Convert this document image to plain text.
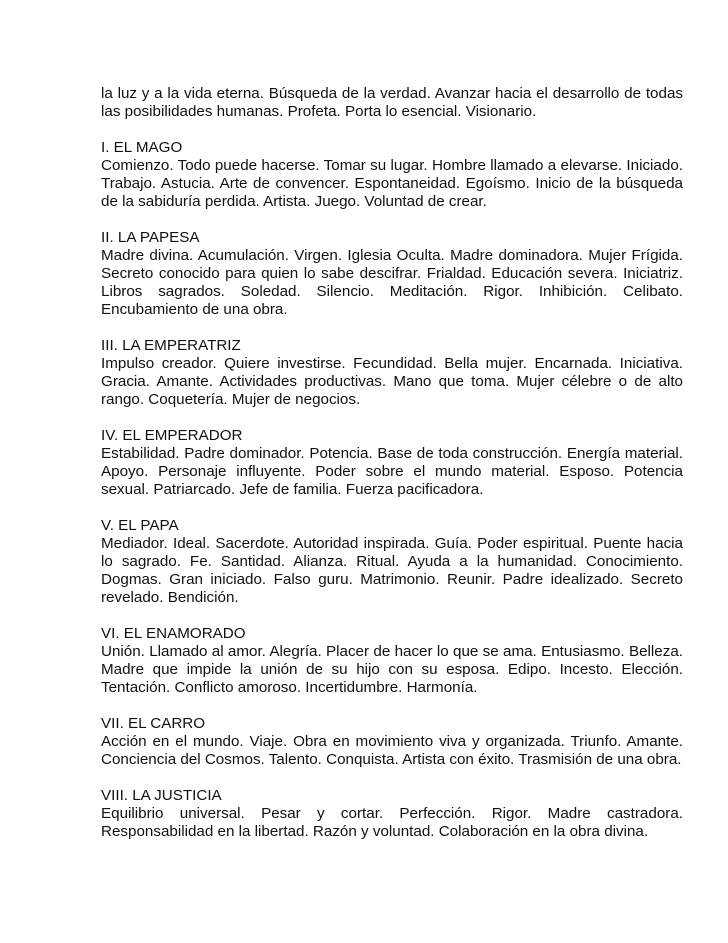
la luz y a la vida eterna. Búsqueda de la verdad. Avanzar hacia el desarrollo de todas las posibilidades humanas. Profeta. Porta lo esencial. Visionario.

I. EL MAGO

Comienzo. Todo puede hacerse. Tomar su lugar. Hombre llamado a elevarse. Iniciado. Trabajo. Astucia. Arte de convencer. Espontaneidad. Egoísmo. Inicio de la búsqueda de la sabiduría perdida. Artista. Juego. Voluntad de crear.

II. LA PAPESA

Madre divina. Acumulación. Virgen. Iglesia Oculta. Madre dominadora. Mujer Frígida. Secreto conocido para quien lo sabe descifrar. Frialdad. Educación severa. Iniciatriz. Libros sagrados. Soledad. Silencio. Meditación. Rigor. Inhibición. Celibato. Encubamiento de una obra.

III. LA EMPERATRIZ

Impulso creador. Quiere investirse. Fecundidad. Bella mujer. Encarnada. Iniciativa. Gracia. Amante. Actividades productivas. Mano que toma. Mujer célebre o de alto rango. Coquetería. Mujer de negocios.

IV. EL EMPERADOR

Estabilidad. Padre dominador. Potencia. Base de toda construcción. Energía material. Apoyo. Personaje influyente. Poder sobre el mundo material. Esposo. Potencia sexual. Patriarcado. Jefe de familia. Fuerza pacificadora.

V. EL PAPA

Mediador. Ideal. Sacerdote. Autoridad inspirada. Guía. Poder espiritual. Puente hacia lo sagrado. Fe. Santidad. Alianza. Ritual. Ayuda a la humanidad. Conocimiento. Dogmas. Gran iniciado. Falso guru. Matrimonio. Reunir. Padre idealizado. Secreto revelado. Bendición.

VI. EL ENAMORADO

Unión. Llamado al amor. Alegría. Placer de hacer lo que se ama. Entusiasmo. Belleza. Madre que impide la unión de su hijo con su esposa. Edipo. Incesto. Elección. Tentación. Conflicto amoroso. Incertidumbre. Harmonía.

VII. EL CARRO

Acción en el mundo. Viaje. Obra en movimiento viva y organizada. Triunfo. Amante. Conciencia del Cosmos. Talento. Conquista. Artista con éxito. Trasmisión de una obra.

VIII. LA JUSTICIA

Equilibrio universal. Pesar y cortar. Perfección. Rigor. Madre castradora. Responsabilidad en la libertad. Razón y voluntad. Colaboración en la obra divina.
